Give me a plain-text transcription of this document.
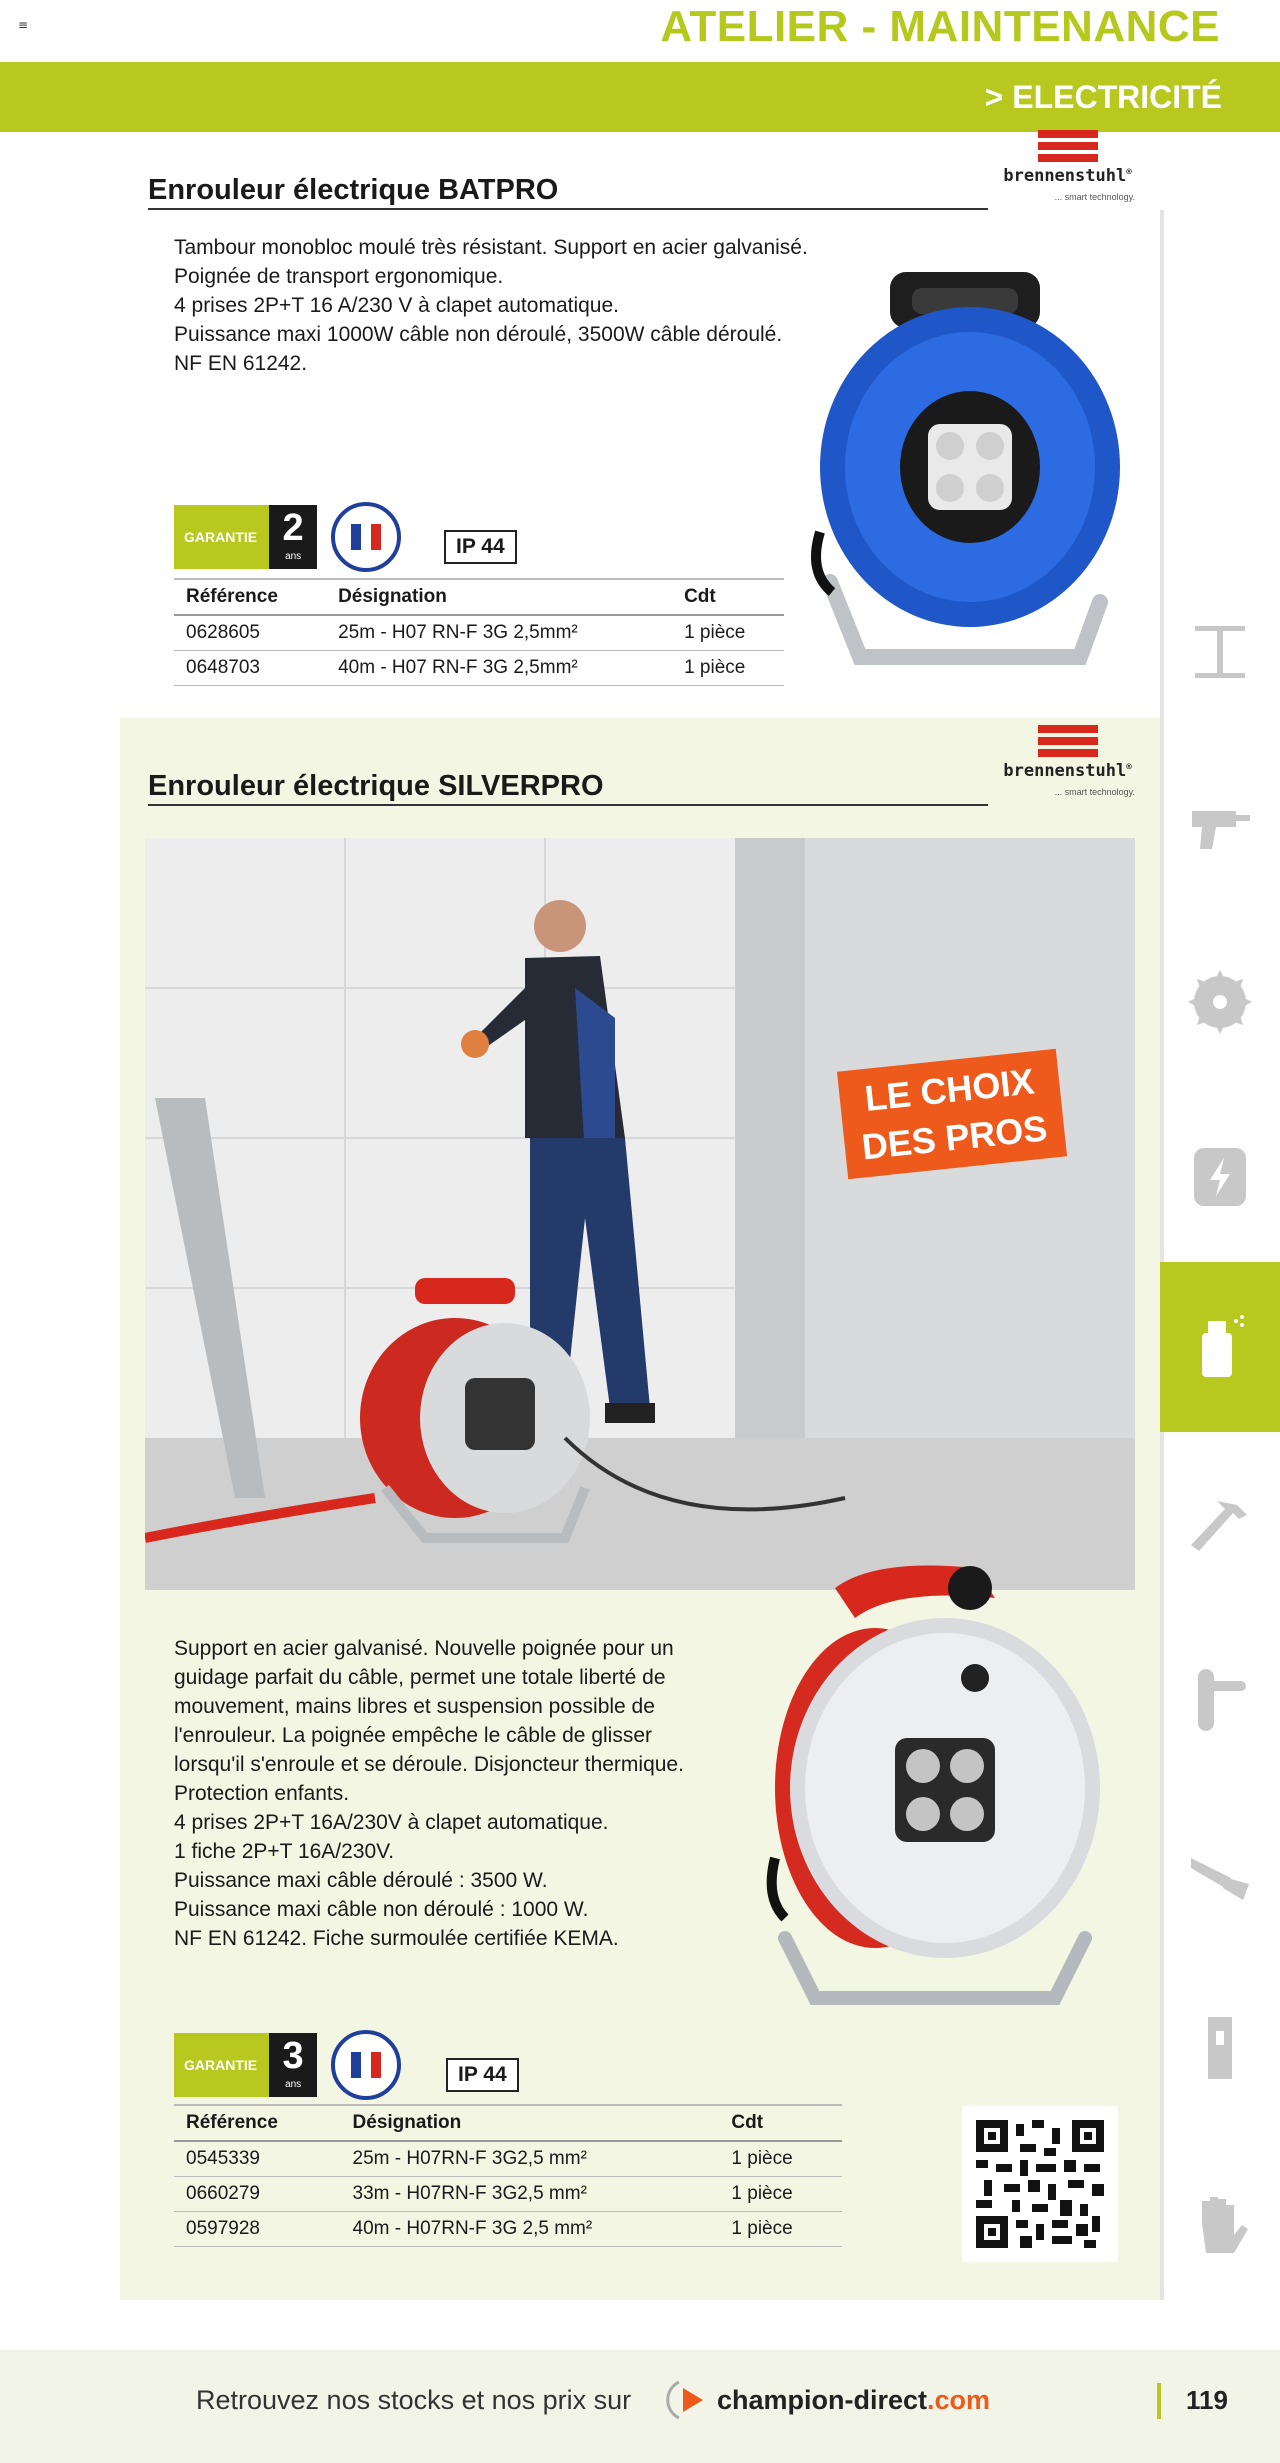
≡	ATELIER - MAINTENANCE
> ELECTRICITÉ
brennenstuhl®
... smart technology.
Enrouleur électrique BATPRO
Tambour monobloc moulé très résistant. Support en acier galvanisé.
Poignée de transport ergonomique.
4 prises 2P+T 16 A/230 V à clapet automatique.
Puissance maxi 1000W câble non déroulé, 3500W câble déroulé.
NF EN 61242.
GARANTIE 2
ans	IP 44
Référence	Désignation	Cdt
0628605	25m - H07 RN-F 3G 2,5mm²	1 pièce
0648703	40m - H07 RN-F 3G 2,5mm²	1 pièce
brennenstuhl®
... smart technology.
Enrouleur électrique SILVERPRO
LE CHOIX
DES PROS
Support en acier galvanisé. Nouvelle poignée pour un
guidage parfait du câble, permet une totale liberté de
mouvement, mains libres et suspension possible de
l'enrouleur. La poignée empêche le câble de glisser
lorsqu'il s'enroule et se déroule. Disjoncteur thermique.
Protection enfants.
4 prises 2P+T 16A/230V à clapet automatique.
1 fiche 2P+T 16A/230V.
Puissance maxi câble déroulé : 3500 W.
Puissance maxi câble non déroulé : 1000 W.
NF EN 61242. Fiche surmoulée certifiée KEMA.
GARANTIE 3
ans	IP 44
Référence	Désignation	Cdt
0545339	25m - H07RN-F 3G2,5 mm²	1 pièce
0660279	33m - H07RN-F 3G2,5 mm²	1 pièce
0597928	40m - H07RN-F 3G 2,5 mm²	1 pièce
Retrouvez nos stocks et nos prix sur	champion-direct.com	119
